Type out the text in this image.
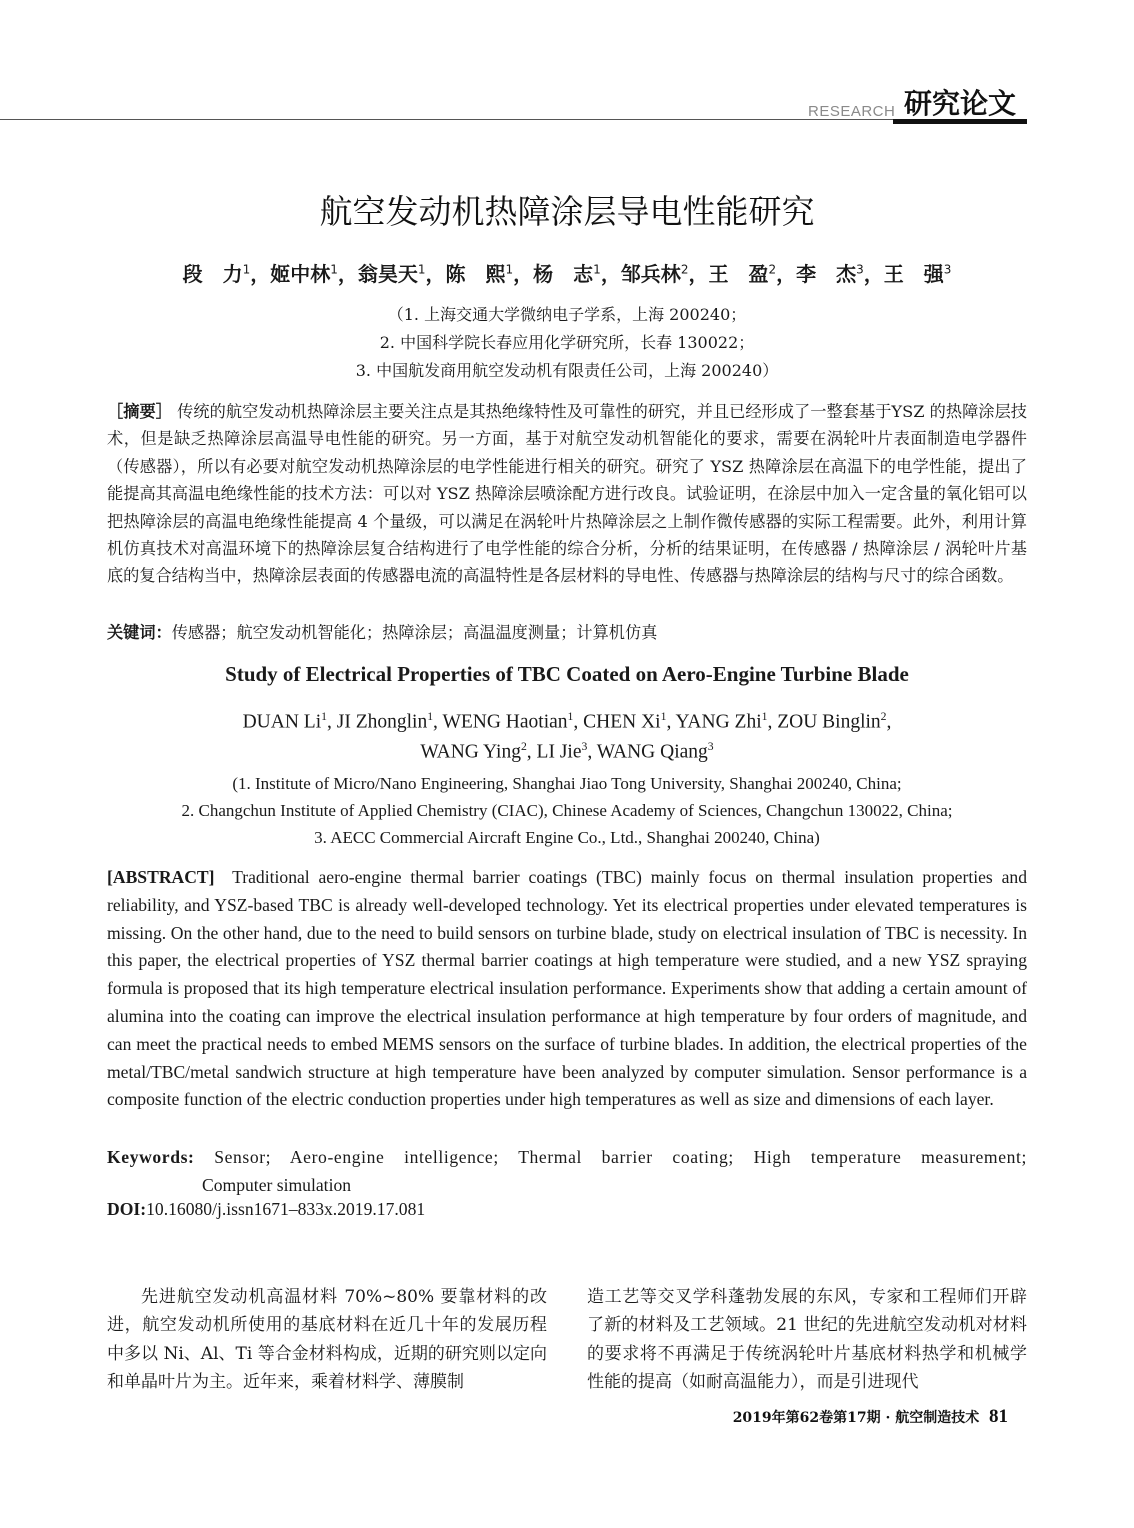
RESEARCH 研究论文
航空发动机热障涂层导电性能研究
段　力$^1$，姬中林$^1$，翁昊天$^1$，陈　熙$^1$，杨　志$^1$，邹兵林$^2$，王　盈$^2$，李　杰$^3$，王　强$^3$
（1. 上海交通大学微纳电子学系，上海 200240；
2. 中国科学院长春应用化学研究所，长春 130022；
3. 中国航发商用航空发动机有限责任公司，上海 200240）
［摘要］ 传统的航空发动机热障涂层主要关注点是其热绝缘特性及可靠性的研究，并且已经形成了一整套基于YSZ 的热障涂层技术，但是缺乏热障涂层高温导电性能的研究。另一方面，基于对航空发动机智能化的要求，需要在涡轮叶片表面制造电学器件（传感器），所以有必要对航空发动机热障涂层的电学性能进行相关的研究。研究了 YSZ 热障涂层在高温下的电学性能，提出了能提高其高温电绝缘性能的技术方法：可以对 YSZ 热障涂层喷涂配方进行改良。试验证明，在涂层中加入一定含量的氧化铝可以把热障涂层的高温电绝缘性能提高 4 个量级，可以满足在涡轮叶片热障涂层之上制作微传感器的实际工程需要。此外，利用计算机仿真技术对高温环境下的热障涂层复合结构进行了电学性能的综合分析，分析的结果证明，在传感器 / 热障涂层 / 涡轮叶片基底的复合结构当中，热障涂层表面的传感器电流的高温特性是各层材料的导电性、传感器与热障涂层的结构与尺寸的综合函数。
关键词：传感器；航空发动机智能化；热障涂层；高温温度测量；计算机仿真
Study of Electrical Properties of TBC Coated on Aero-Engine Turbine Blade
DUAN Li$^1$, JI Zhonglin$^1$, WENG Haotian$^1$, CHEN Xi$^1$, YANG Zhi$^1$, ZOU Binglin$^2$,
WANG Ying$^2$, LI Jie$^3$, WANG Qiang$^3$
(1. Institute of Micro/Nano Engineering, Shanghai Jiao Tong University, Shanghai 200240, China;
2. Changchun Institute of Applied Chemistry (CIAC), Chinese Academy of Sciences, Changchun 130022, China;
3. AECC Commercial Aircraft Engine Co., Ltd., Shanghai 200240, China)
[ABSTRACT] Traditional aero-engine thermal barrier coatings (TBC) mainly focus on thermal insulation properties and reliability, and YSZ-based TBC is already well-developed technology. Yet its electrical properties under elevated temperatures is missing. On the other hand, due to the need to build sensors on turbine blade, study on electrical insulation of TBC is necessity. In this paper, the electrical properties of YSZ thermal barrier coatings at high temperature were studied, and a new YSZ spraying formula is proposed that its high temperature electrical insulation performance. Experiments show that adding a certain amount of alumina into the coating can improve the electrical insulation performance at high temperature by four orders of magnitude, and can meet the practical needs to embed MEMS sensors on the surface of turbine blades. In addition, the electrical properties of the metal/TBC/metal sandwich structure at high temperature have been analyzed by computer simulation. Sensor performance is a composite function of the electric conduction properties under high temperatures as well as size and dimensions of each layer.
Keywords: Sensor; Aero-engine intelligence; Thermal barrier coating; High temperature measurement;
Computer simulation
DOI:10.16080/j.issn1671–833x.2019.17.081
先进航空发动机高温材料 70%~80% 要靠材料的改进，航空发动机所使用的基底材料在近几十年的发展历程中多以 Ni、Al、Ti 等合金材料构成，近期的研究则以定向和单晶叶片为主。近年来，乘着材料学、薄膜制
造工艺等交叉学科蓬勃发展的东风，专家和工程师们开辟了新的材料及工艺领域。21 世纪的先进航空发动机对材料的要求将不再满足于传统涡轮叶片基底材料热学和机械学性能的提高（如耐高温能力），而是引进现代
2019年第62卷第17期 · 航空制造技术 81
